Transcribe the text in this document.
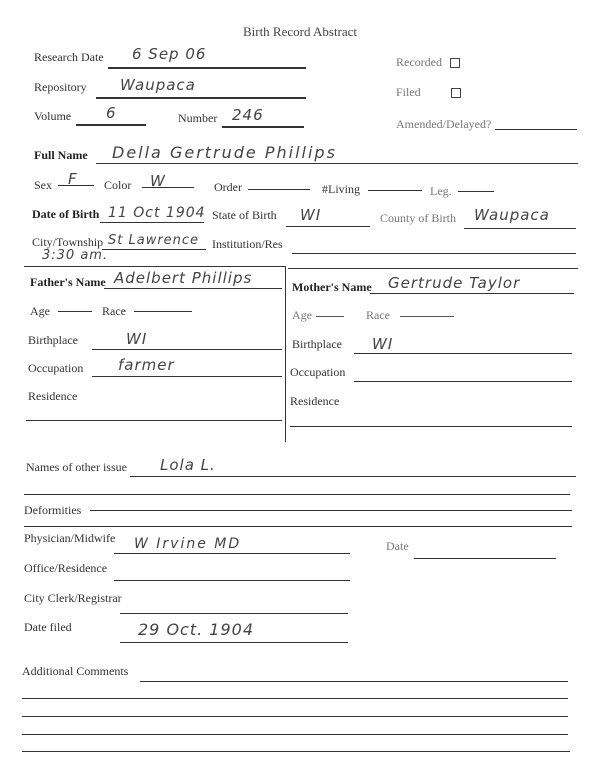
Birth Record Abstract
Research Date 6 Sep 06	Recorded
Repository Waupaca	Filed
Volume 6	Number 246	Amended/Delayed?
Full Name Della Gertrude Phillips
Sex F Color W	Order	#Living	Leg.
Date of Birth 11 Oct 1904 State of Birth WI	County of Birth Waupaca
City/Township St Lawrence
3:30 am.
Institution/Res
Father's Name Adelbert Phillips
Age	Race
Birthplace	WI
Occupation farmer
Residence
Mother's Name Gertrude Taylor
Age	Race
Birthplace WI
Occupation
Residence
Names of other issue Lola L.
Deformities
Physician/Midwife W Irvine MD	Date
Office/Residence
City Clerk/Registrar
Date filed	29 Oct. 1904
Additional Comments
